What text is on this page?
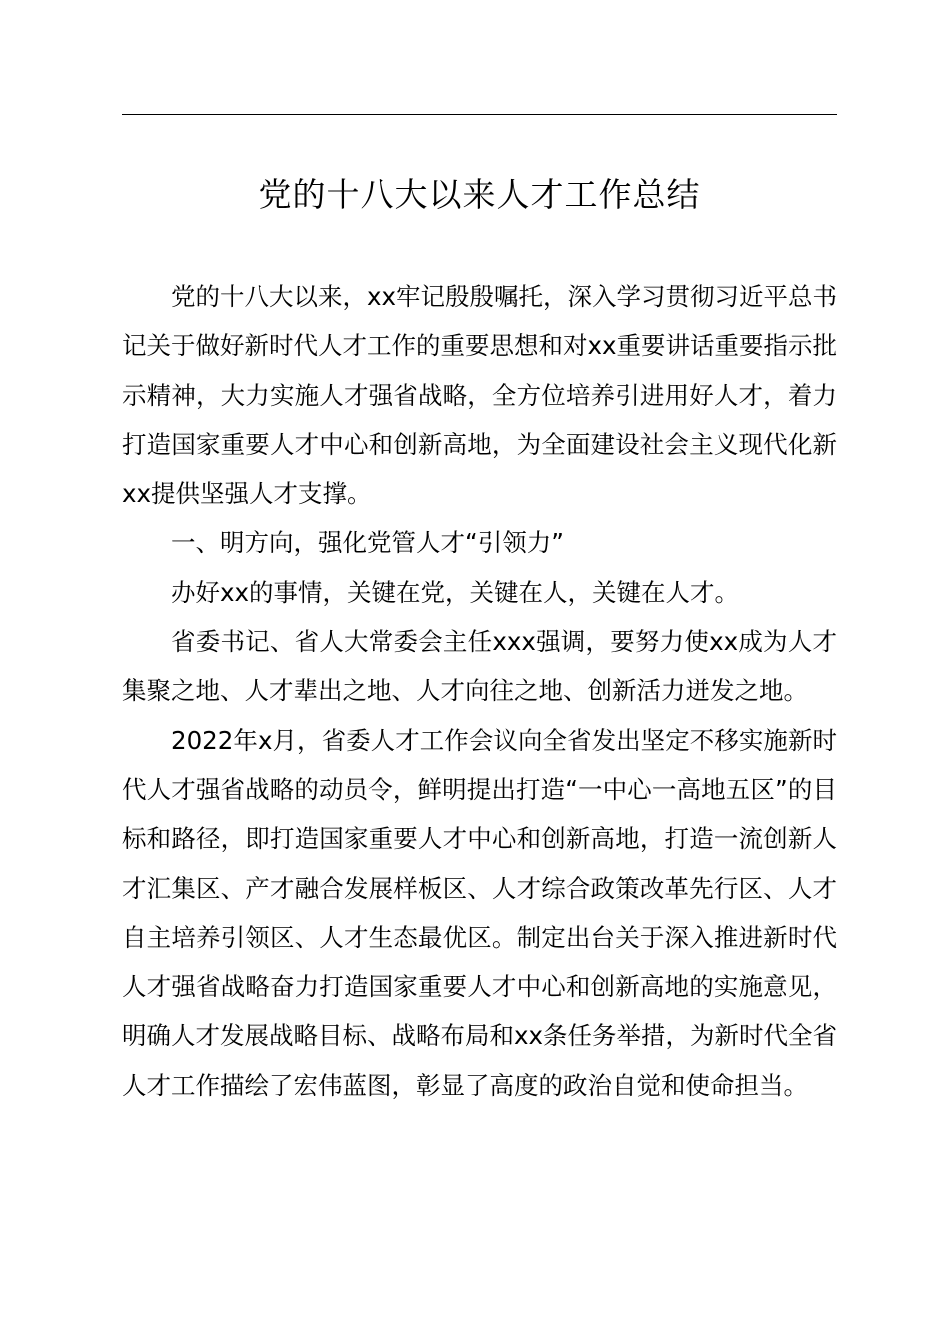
党的十八大以来人才工作总结

党的十八大以来，xx牢记殷殷嘱托，深入学习贯彻习近平总书记关于做好新时代人才工作的重要思想和对xx重要讲话重要指示批示精神，大力实施人才强省战略，全方位培养引进用好人才，着力打造国家重要人才中心和创新高地，为全面建设社会主义现代化新xx提供坚强人才支撑。

一、明方向，强化党管人才“引领力”

办好xx的事情，关键在党，关键在人，关键在人才。

省委书记、省人大常委会主任xxx强调，要努力使xx成为人才集聚之地、人才辈出之地、人才向往之地、创新活力迸发之地。

2022年x月，省委人才工作会议向全省发出坚定不移实施新时代人才强省战略的动员令，鲜明提出打造“一中心一高地五区”的目标和路径，即打造国家重要人才中心和创新高地，打造一流创新人才汇集区、产才融合发展样板区、人才综合政策改革先行区、人才自主培养引领区、人才生态最优区。制定出台关于深入推进新时代人才强省战略奋力打造国家重要人才中心和创新高地的实施意见，明确人才发展战略目标、战略布局和xx条任务举措，为新时代全省人才工作描绘了宏伟蓝图，彰显了高度的政治自觉和使命担当。
